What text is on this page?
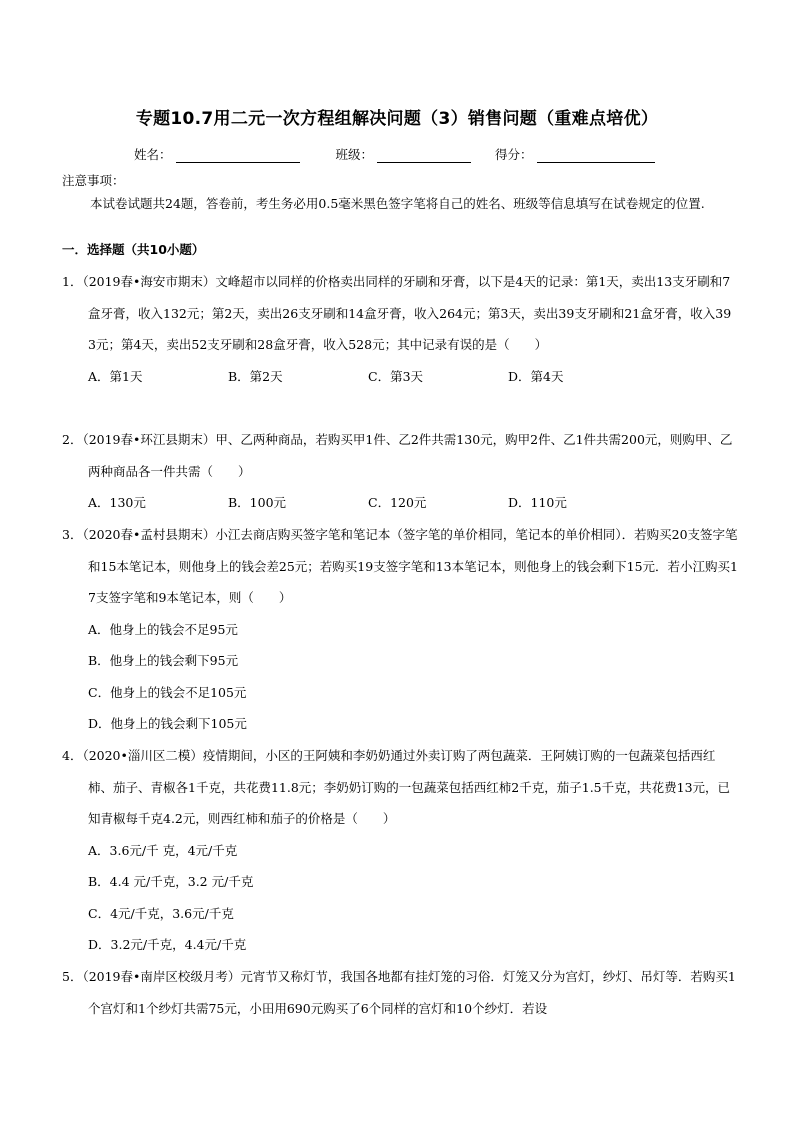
专题10.7用二元一次方程组解决问题（3）销售问题（重难点培优）
姓名：	班级：	得分：
注意事项：
本试卷试题共24题，答卷前，考生务必用0.5毫米黑色签字笔将自己的姓名、班级等信息填写在试卷规定的位置.
一．选择题（共10小题）
1．（2019春•海安市期末）文峰超市以同样的价格卖出同样的牙刷和牙膏，以下是4天的记录：第1天，卖出13支牙刷和7盒牙膏，收入132元；第2天，卖出26支牙刷和14盒牙膏，收入264元；第3天，卖出39支牙刷和21盒牙膏，收入393元；第4天，卖出52支牙刷和28盒牙膏，收入528元；其中记录有误的是（　　）
A．第1天	B．第2天	C．第3天	D．第4天
2．（2019春•环江县期末）甲、乙两种商品，若购买甲1件、乙2件共需130元，购甲2件、乙1件共需200元，则购甲、乙两种商品各一件共需（　　）
A．130元	B．100元	C．120元	D．110元
3．（2020春•孟村县期末）小江去商店购买签字笔和笔记本（签字笔的单价相同，笔记本的单价相同）．若购买20支签字笔和15本笔记本，则他身上的钱会差25元；若购买19支签字笔和13本笔记本，则他身上的钱会剩下15元．若小江购买17支签字笔和9本笔记本，则（　　）
A．他身上的钱会不足95元
B．他身上的钱会剩下95元
C．他身上的钱会不足105元
D．他身上的钱会剩下105元
4．（2020•淄川区二模）疫情期间，小区的王阿姨和李奶奶通过外卖订购了两包蔬菜．王阿姨订购的一包蔬菜包括西红柿、茄子、青椒各1千克，共花费11.8元；李奶奶订购的一包蔬菜包括西红柿2千克，茄子1.5千克，共花费13元，已知青椒每千克4.2元，则西红柿和茄子的价格是（　　）
A．3.6元/千 克，4元/千克
B．4.4 元/千克，3.2 元/千克
C．4元/千克，3.6元/千克
D．3.2元/千克，4.4元/千克
5．（2019春•南岸区校级月考）元宵节又称灯节，我国各地都有挂灯笼的习俗．灯笼又分为宫灯，纱灯、吊灯等．若购买1个宫灯和1个纱灯共需75元，小田用690元购买了6个同样的宫灯和10个纱灯．若设
